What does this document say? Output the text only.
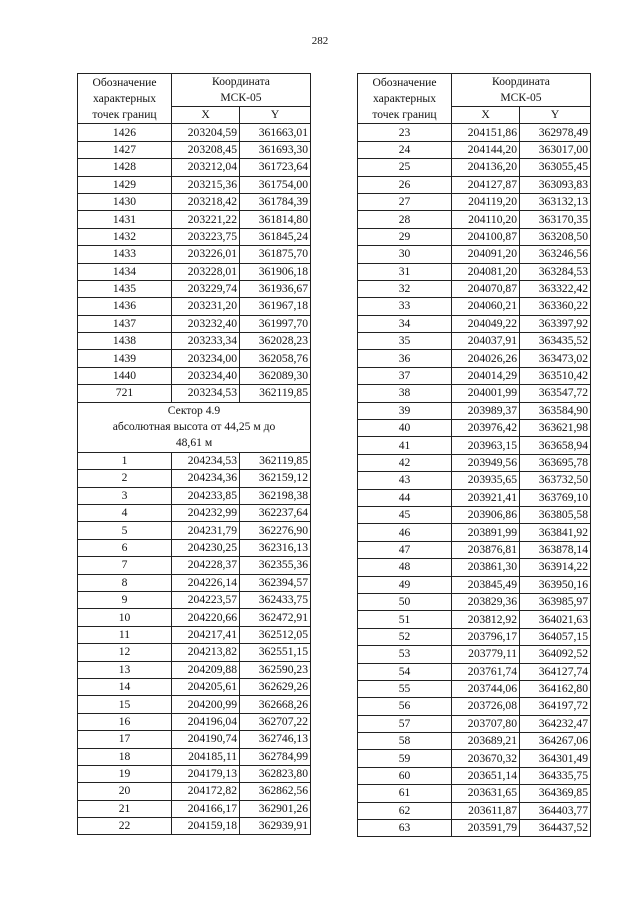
282
Обозначение
характерных
точек границ	Координата
МСК-05	

	X	Y
1426	203204,59	361663,01
1427	203208,45	361693,30
1428	203212,04	361723,64
1429	203215,36	361754,00
1430	203218,42	361784,39
1431	203221,22	361814,80
1432	203223,75	361845,24
1433	203226,01	361875,70
1434	203228,01	361906,18
1435	203229,74	361936,67
1436	203231,20	361967,18
1437	203232,40	361997,70
1438	203233,34	362028,23
1439	203234,00	362058,76
1440	203234,40	362089,30
721	203234,53	362119,85
Сектор 4.9
абсолютная высота от 44,25 м до
48,61 м		
1	204234,53	362119,85
2	204234,36	362159,12
3	204233,85	362198,38
4	204232,99	362237,64
5	204231,79	362276,90
6	204230,25	362316,13
7	204228,37	362355,36
8	204226,14	362394,57
9	204223,57	362433,75
10	204220,66	362472,91
11	204217,41	362512,05
12	204213,82	362551,15
13	204209,88	362590,23
14	204205,61	362629,26
15	204200,99	362668,26
16	204196,04	362707,22
17	204190,74	362746,13
18	204185,11	362784,99
19	204179,13	362823,80
20	204172,82	362862,56
21	204166,17	362901,26
22	204159,18	362939,91
Обозначение
характерных
точек границ	Координата
МСК-05	

	X	Y
23	204151,86	362978,49
24	204144,20	363017,00
25	204136,20	363055,45
26	204127,87	363093,83
27	204119,20	363132,13
28	204110,20	363170,35
29	204100,87	363208,50
30	204091,20	363246,56
31	204081,20	363284,53
32	204070,87	363322,42
33	204060,21	363360,22
34	204049,22	363397,92
35	204037,91	363435,52
36	204026,26	363473,02
37	204014,29	363510,42
38	204001,99	363547,72
39	203989,37	363584,90
40	203976,42	363621,98
41	203963,15	363658,94
42	203949,56	363695,78
43	203935,65	363732,50
44	203921,41	363769,10
45	203906,86	363805,58
46	203891,99	363841,92
47	203876,81	363878,14
48	203861,30	363914,22
49	203845,49	363950,16
50	203829,36	363985,97
51	203812,92	364021,63
52	203796,17	364057,15
53	203779,11	364092,52
54	203761,74	364127,74
55	203744,06	364162,80
56	203726,08	364197,72
57	203707,80	364232,47
58	203689,21	364267,06
59	203670,32	364301,49
60	203651,14	364335,75
61	203631,65	364369,85
62	203611,87	364403,77
63	203591,79	364437,52
